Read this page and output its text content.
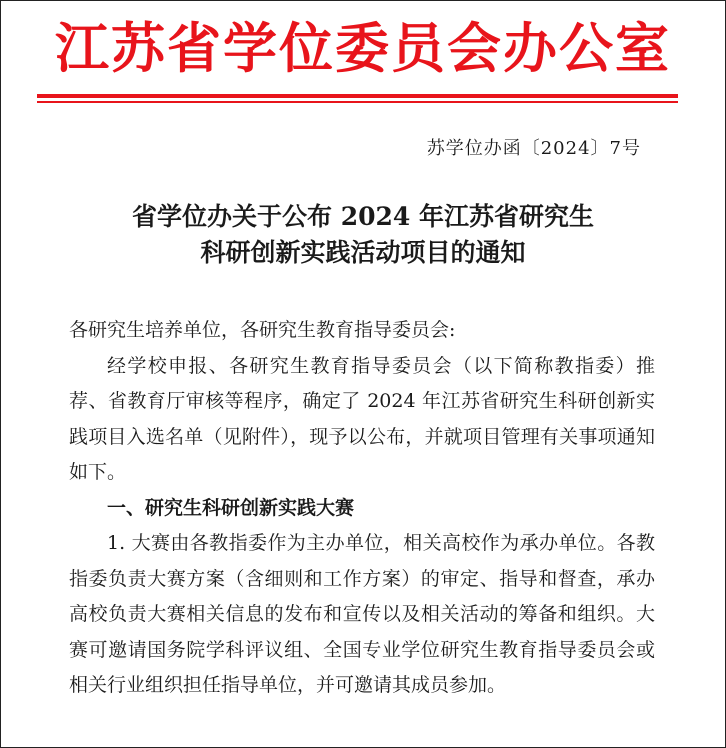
江苏省学位委员会办公室
苏学位办函〔2024〕7号
省学位办关于公布 2024 年江苏省研究生
科研创新实践活动项目的通知

各研究生培养单位，各研究生教育指导委员会:

经学校申报、各研究生教育指导委员会（以下简称教指委）推荐、省教育厅审核等程序，确定了 2024 年江苏省研究生科研创新实践项目入选名单（见附件），现予以公布，并就项目管理有关事项通知如下。

一、研究生科研创新实践大赛

1. 大赛由各教指委作为主办单位，相关高校作为承办单位。各教指委负责大赛方案（含细则和工作方案）的审定、指导和督查，承办高校负责大赛相关信息的发布和宣传以及相关活动的筹备和组织。大赛可邀请国务院学科评议组、全国专业学位研究生教育指导委员会或相关行业组织担任指导单位，并可邀请其成员参加。
